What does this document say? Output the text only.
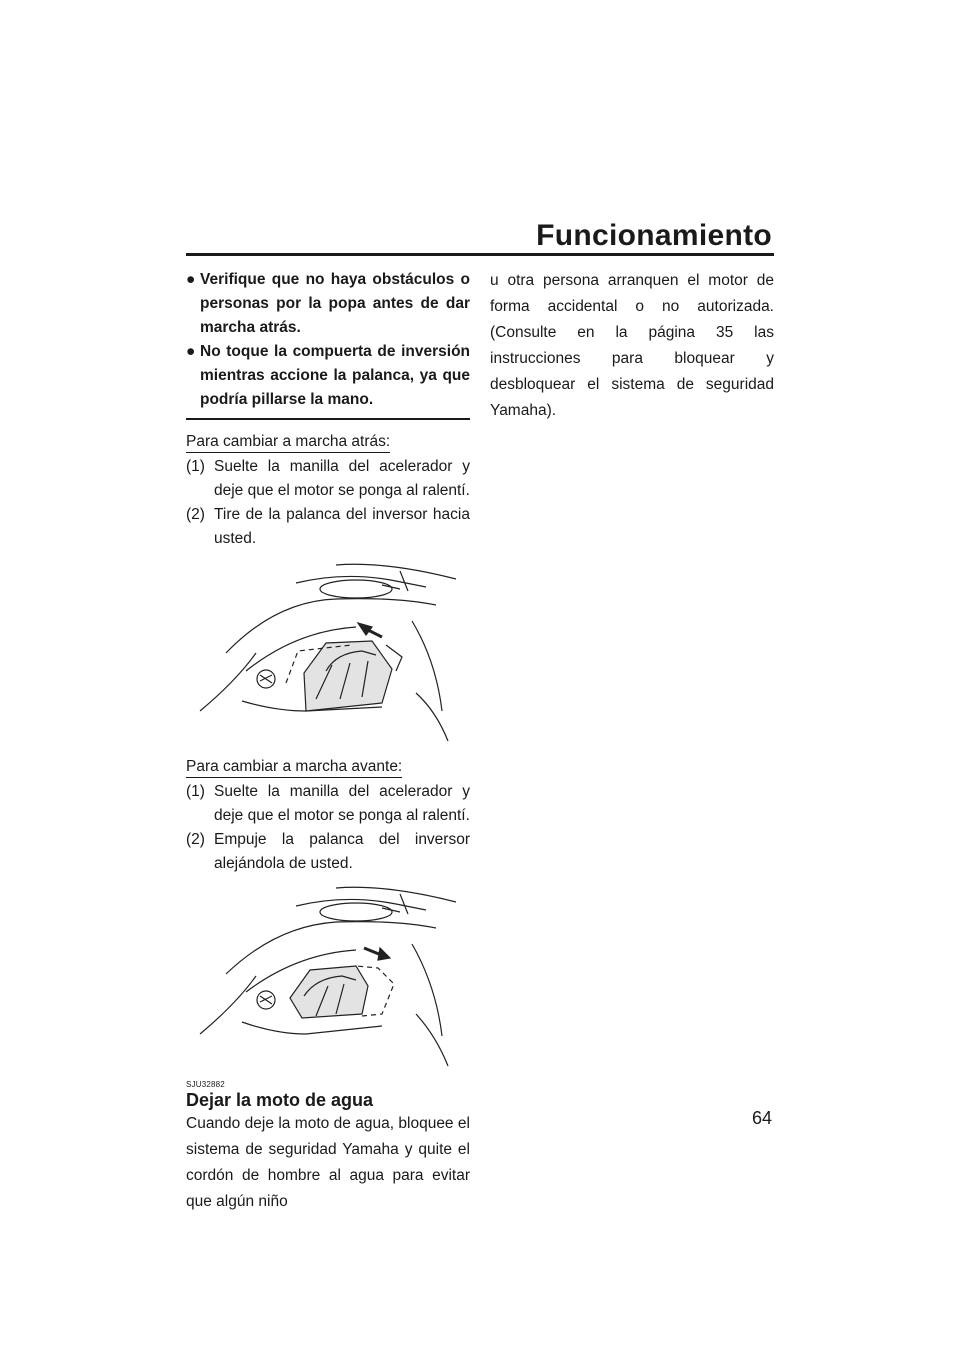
Funcionamiento
● Verifique que no haya obstáculos o personas por la popa antes de dar marcha atrás.
● No toque la compuerta de inversión mientras accione la palanca, ya que podría pillarse la mano.
Para cambiar a marcha atrás:
(1) Suelte la manilla del acelerador y deje que el motor se ponga al ralentí.
(2) Tire de la palanca del inversor hacia usted.
Para cambiar a marcha avante:
(1) Suelte la manilla del acelerador y deje que el motor se ponga al ralentí.
(2) Empuje la palanca del inversor alejándola de usted.
SJU32882
Dejar la moto de agua
Cuando deje la moto de agua, bloquee el sistema de seguridad Yamaha y quite el cordón de hombre al agua para evitar que algún niño
u otra persona arranquen el motor de forma accidental o no autorizada. (Consulte en la página 35 las instrucciones para bloquear y desbloquear el sistema de seguridad Yamaha).
64
